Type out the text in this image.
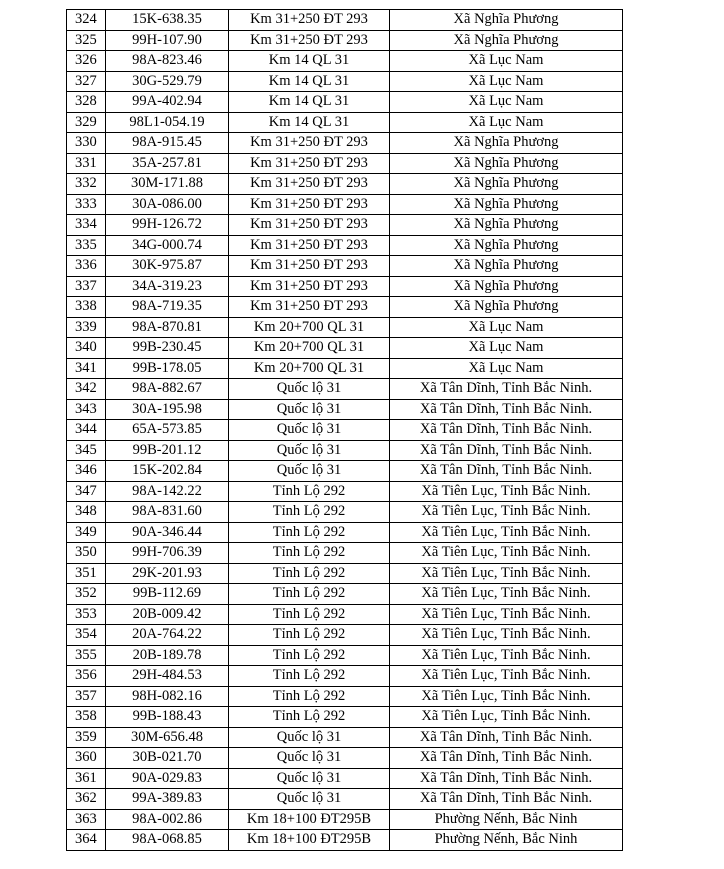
324	15K-638.35	Km 31+250 ĐT 293	Xã Nghĩa Phương
325	99H-107.90	Km 31+250 ĐT 293	Xã Nghĩa Phương
326	98A-823.46	Km 14 QL 31	Xã Lục Nam
327	30G-529.79	Km 14 QL 31	Xã Lục Nam
328	99A-402.94	Km 14 QL 31	Xã Lục Nam
329	98L1-054.19	Km 14 QL 31	Xã Lục Nam
330	98A-915.45	Km 31+250 ĐT 293	Xã Nghĩa Phương
331	35A-257.81	Km 31+250 ĐT 293	Xã Nghĩa Phương
332	30M-171.88	Km 31+250 ĐT 293	Xã Nghĩa Phương
333	30A-086.00	Km 31+250 ĐT 293	Xã Nghĩa Phương
334	99H-126.72	Km 31+250 ĐT 293	Xã Nghĩa Phương
335	34G-000.74	Km 31+250 ĐT 293	Xã Nghĩa Phương
336	30K-975.87	Km 31+250 ĐT 293	Xã Nghĩa Phương
337	34A-319.23	Km 31+250 ĐT 293	Xã Nghĩa Phương
338	98A-719.35	Km 31+250 ĐT 293	Xã Nghĩa Phương
339	98A-870.81	Km 20+700 QL 31	Xã Lục Nam
340	99B-230.45	Km 20+700 QL 31	Xã Lục Nam
341	99B-178.05	Km 20+700 QL 31	Xã Lục Nam
342	98A-882.67	Quốc lộ 31	Xã Tân Dĩnh, Tỉnh Bắc Ninh.
343	30A-195.98	Quốc lộ 31	Xã Tân Dĩnh, Tỉnh Bắc Ninh.
344	65A-573.85	Quốc lộ 31	Xã Tân Dĩnh, Tỉnh Bắc Ninh.
345	99B-201.12	Quốc lộ 31	Xã Tân Dĩnh, Tỉnh Bắc Ninh.
346	15K-202.84	Quốc lộ 31	Xã Tân Dĩnh, Tỉnh Bắc Ninh.
347	98A-142.22	Tỉnh Lộ 292	Xã Tiên Lục, Tỉnh Bắc Ninh.
348	98A-831.60	Tỉnh Lộ 292	Xã Tiên Lục, Tỉnh Bắc Ninh.
349	90A-346.44	Tỉnh Lộ 292	Xã Tiên Lục, Tỉnh Bắc Ninh.
350	99H-706.39	Tỉnh Lộ 292	Xã Tiên Lục, Tỉnh Bắc Ninh.
351	29K-201.93	Tỉnh Lộ 292	Xã Tiên Lục, Tỉnh Bắc Ninh.
352	99B-112.69	Tỉnh Lộ 292	Xã Tiên Lục, Tỉnh Bắc Ninh.
353	20B-009.42	Tỉnh Lộ 292	Xã Tiên Lục, Tỉnh Bắc Ninh.
354	20A-764.22	Tỉnh Lộ 292	Xã Tiên Lục, Tỉnh Bắc Ninh.
355	20B-189.78	Tỉnh Lộ 292	Xã Tiên Lục, Tỉnh Bắc Ninh.
356	29H-484.53	Tỉnh Lộ 292	Xã Tiên Lục, Tỉnh Bắc Ninh.
357	98H-082.16	Tỉnh Lộ 292	Xã Tiên Lục, Tỉnh Bắc Ninh.
358	99B-188.43	Tỉnh Lộ 292	Xã Tiên Lục, Tỉnh Bắc Ninh.
359	30M-656.48	Quốc lộ 31	Xã Tân Dĩnh, Tỉnh Bắc Ninh.
360	30B-021.70	Quốc lộ 31	Xã Tân Dĩnh, Tỉnh Bắc Ninh.
361	90A-029.83	Quốc lộ 31	Xã Tân Dĩnh, Tỉnh Bắc Ninh.
362	99A-389.83	Quốc lộ 31	Xã Tân Dĩnh, Tỉnh Bắc Ninh.
363	98A-002.86	Km 18+100 ĐT295B	Phường Nếnh, Bắc Ninh
364	98A-068.85	Km 18+100 ĐT295B	Phường Nếnh, Bắc Ninh
